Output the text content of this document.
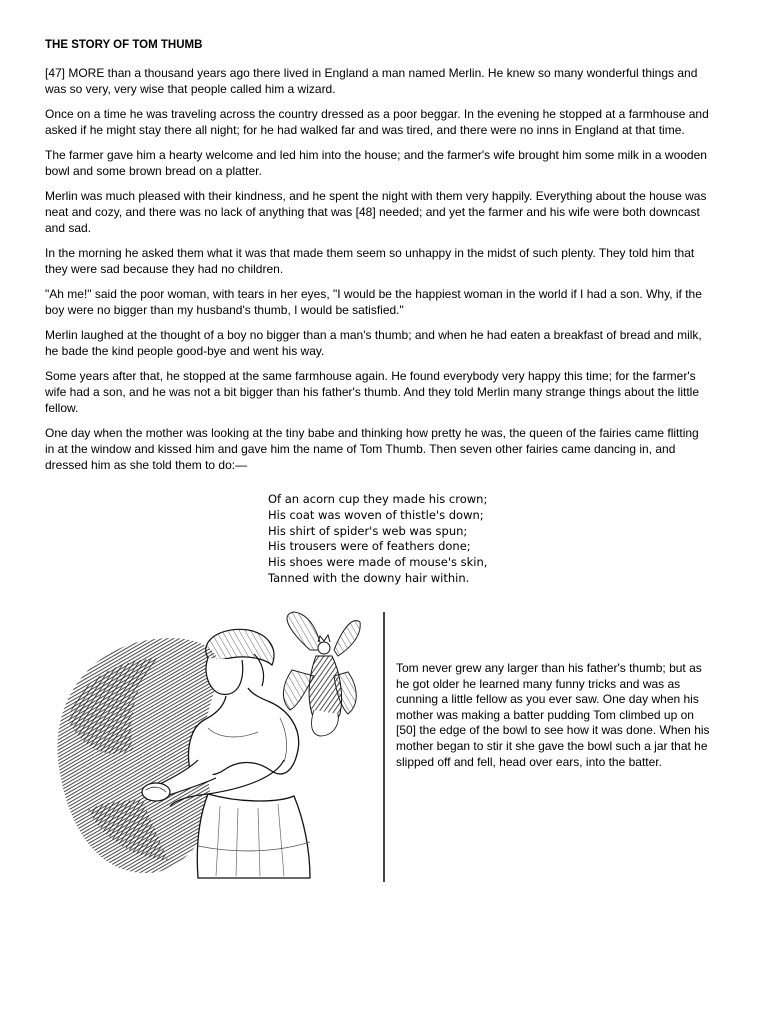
THE STORY OF TOM THUMB

[47] MORE than a thousand years ago there lived in England a man named Merlin. He knew so many wonderful things and was so very, very wise that people called him a wizard.

Once on a time he was traveling across the country dressed as a poor beggar. In the evening he stopped at a farmhouse and asked if he might stay there all night; for he had walked far and was tired, and there were no inns in England at that time.

The farmer gave him a hearty welcome and led him into the house; and the farmer's wife brought him some milk in a wooden bowl and some brown bread on a platter.

Merlin was much pleased with their kindness, and he spent the night with them very happily. Everything about the house was neat and cozy, and there was no lack of anything that was [48] needed; and yet the farmer and his wife were both downcast and sad.

In the morning he asked them what it was that made them seem so unhappy in the midst of such plenty. They told him that they were sad because they had no children.

"Ah me!" said the poor woman, with tears in her eyes, "I would be the happiest woman in the world if I had a son. Why, if the boy were no bigger than my husband's thumb, I would be satisfied."

Merlin laughed at the thought of a boy no bigger than a man's thumb; and when he had eaten a breakfast of bread and milk, he bade the kind people good-bye and went his way.

Some years after that, he stopped at the same farmhouse again. He found everybody very happy this time; for the farmer's wife had a son, and he was not a bit bigger than his father's thumb. And they told Merlin many strange things about the little fellow.

One day when the mother was looking at the tiny babe and thinking how pretty he was, the queen of the fairies came flitting in at the window and kissed him and gave him the name of Tom Thumb. Then seven other fairies came dancing in, and dressed him as she told them to do:—

Of an acorn cup they made his crown;
His coat was woven of thistle's down;
His shirt of spider's web was spun;
His trousers were of feathers done;
His shoes were made of mouse's skin,
Tanned with the downy hair within.
Tom never grew any larger than his father's thumb; but as he got older he learned many funny tricks and was as cunning a little fellow as you ever saw. One day when his mother was making a batter pudding Tom climbed up on [50] the edge of the bowl to see how it was done. When his mother began to stir it she gave the bowl such a jar that he slipped off and fell, head over ears, into the batter.
